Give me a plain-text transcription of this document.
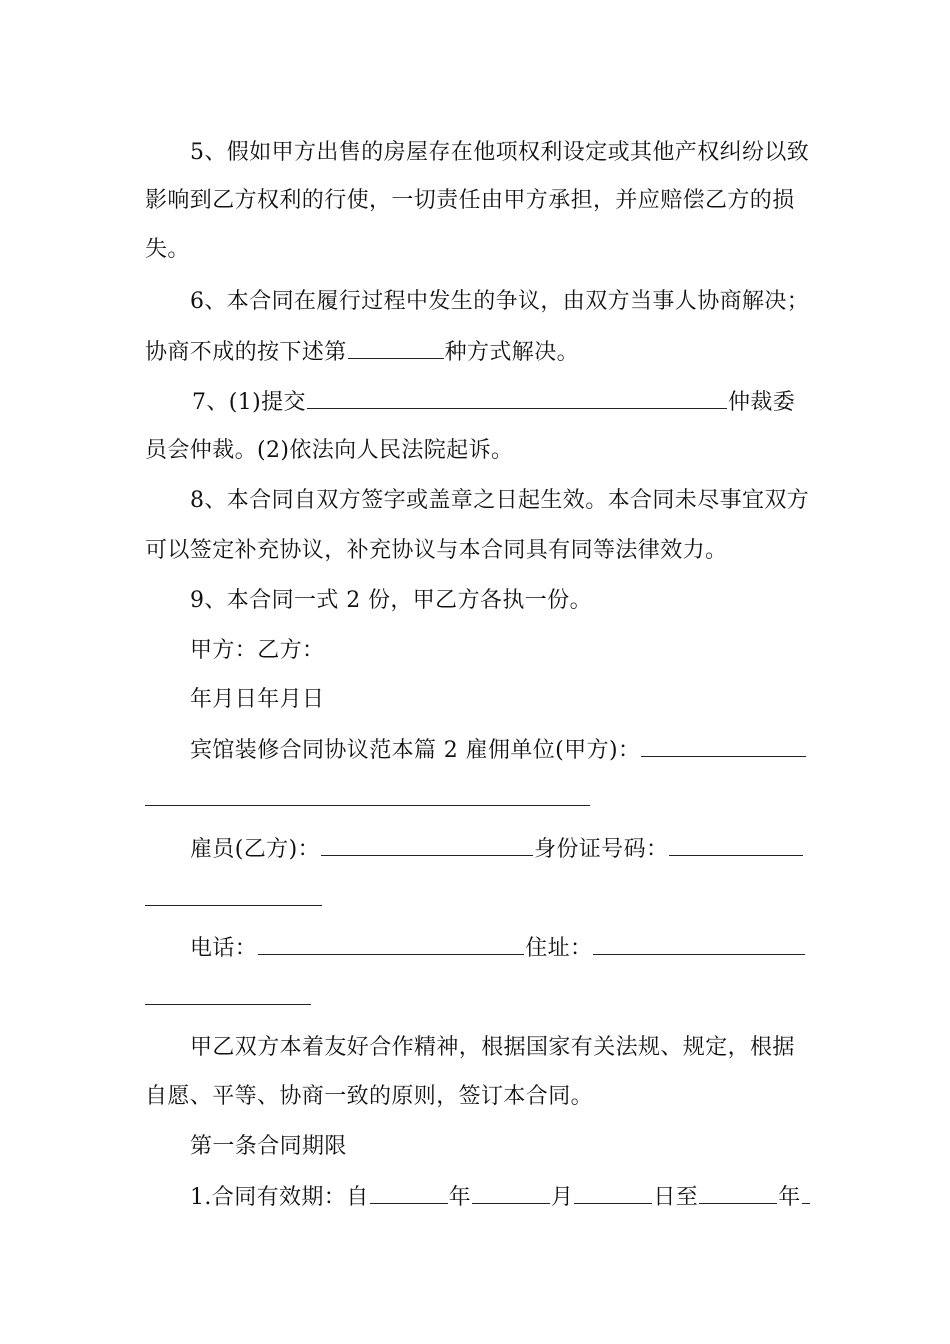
5、假如甲方出售的房屋存在他项权利设定或其他产权纠纷以致
影响到乙方权利的行使，一切责任由甲方承担，并应赔偿乙方的损
失。
6、本合同在履行过程中发生的争议，由双方当事人协商解决；
协商不成的按下述第	种方式解决。
7、(1)提交	仲裁委
员会仲裁。(2)依法向人民法院起诉。
8、本合同自双方签字或盖章之日起生效。本合同未尽事宜双方
可以签定补充协议，补充协议与本合同具有同等法律效力。
9、本合同一式 2 份，甲乙方各执一份。
甲方：乙方：
年月日年月日
宾馆装修合同协议范本篇 2 雇佣单位(甲方)：
雇员(乙方)：	身份证号码：
电话：	住址：
甲乙双方本着友好合作精神，根据国家有关法规、规定，根据
自愿、平等、协商一致的原则，签订本合同。
第一条合同期限
1.合同有效期：自	年	月	日至	年
